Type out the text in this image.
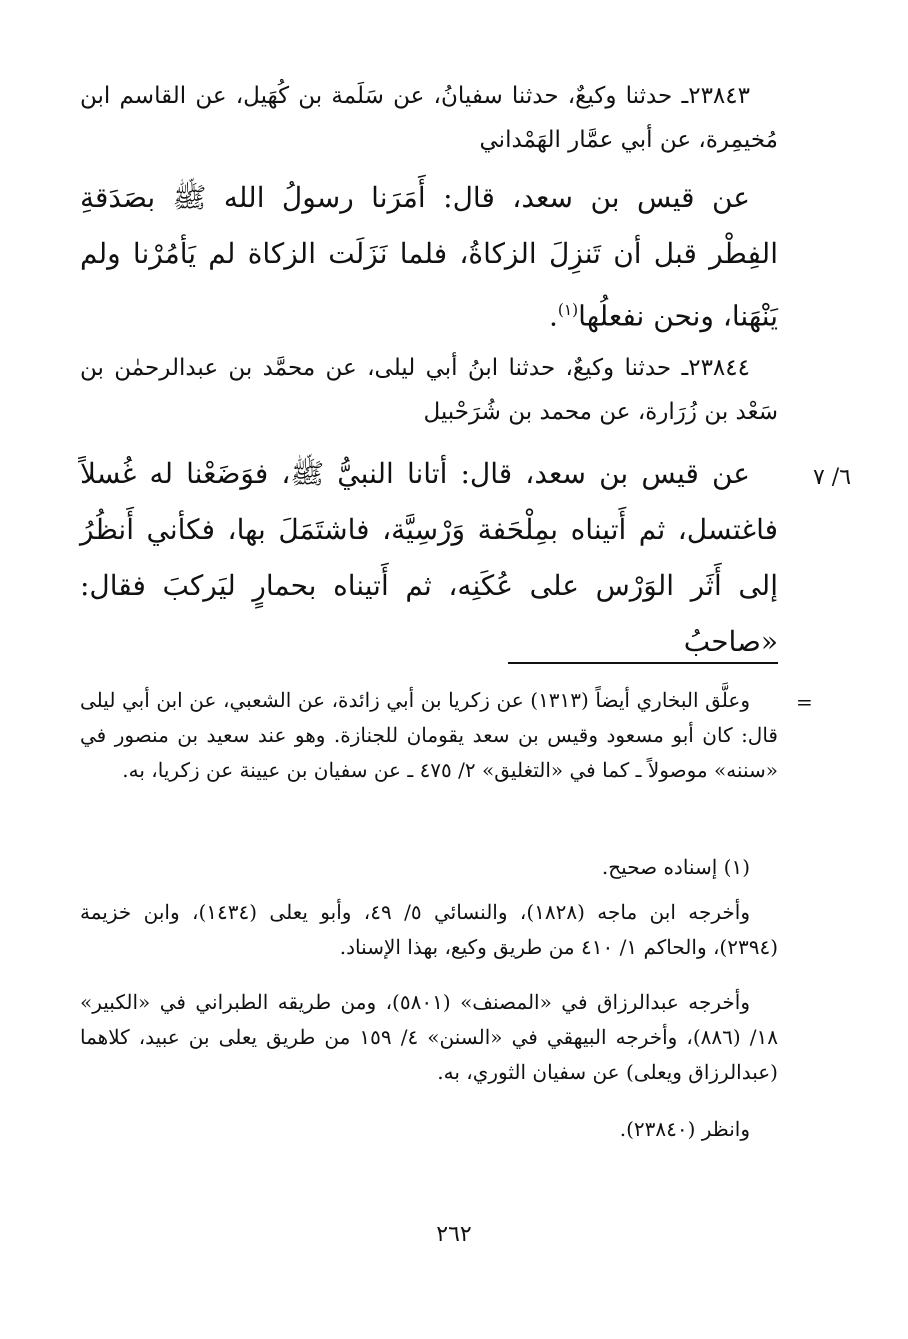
٢٣٨٤٣ـ حدثنا وكيعٌ، حدثنا سفيانُ، عن سَلَمة بن كُهَيل، عن القاسم ابن مُخيمِرة، عن أبي عمَّار الهَمْداني
عن قيس بن سعد، قال: أَمَرَنا رسولُ الله ﷺ بصَدَقةِ الفِطْر قبل أن تَنزِلَ الزكاةُ، فلما نَزَلَت الزكاة لم يَأمُرْنا ولم يَنْهَنا، ونحن نفعلُها$^{(١)}$.
٢٣٨٤٤ـ حدثنا وكيعٌ، حدثنا ابنُ أبي ليلى، عن محمَّد بن عبدالرحمٰن بن سَعْد بن زُرَارة، عن محمد بن شُرَحْبيل
٦/ ٧
عن قيس بن سعد، قال: أتانا النبيُّ ﷺ، فوَضَعْنا له غُسلاً فاغتسل، ثم أَتيناه بمِلْحَفة وَرْسِيَّة، فاشتَمَلَ بها، فكأني أَنظُرُ إلى أَثَر الوَرْس على عُكَنِه، ثم أَتيناه بحمارٍ ليَركبَ فقال: «صاحبُ
=
وعلَّق البخاري أيضاً (١٣١٣) عن زكريا بن أبي زائدة، عن الشعبي، عن ابن أبي ليلى قال: كان أبو مسعود وقيس بن سعد يقومان للجنازة. وهو عند سعيد بن منصور في «سننه» موصولاً ـ كما في «التغليق» ٢/ ٤٧٥ ـ عن سفيان بن عيينة عن زكريا، به.
(١) إسناده صحيح.
وأخرجه ابن ماجه (١٨٢٨)، والنسائي ٥/ ٤٩، وأبو يعلى (١٤٣٤)، وابن خزيمة (٢٣٩٤)، والحاكم ١/ ٤١٠ من طريق وكيع، بهذا الإسناد.
وأخرجه عبدالرزاق في «المصنف» (٥٨٠١)، ومن طريقه الطبراني في «الكبير» ١٨/ (٨٨٦)، وأخرجه البيهقي في «السنن» ٤/ ١٥٩ من طريق يعلى بن عبيد، كلاهما (عبدالرزاق ويعلى) عن سفيان الثوري، به.
وانظر (٢٣٨٤٠).
٢٦٢
